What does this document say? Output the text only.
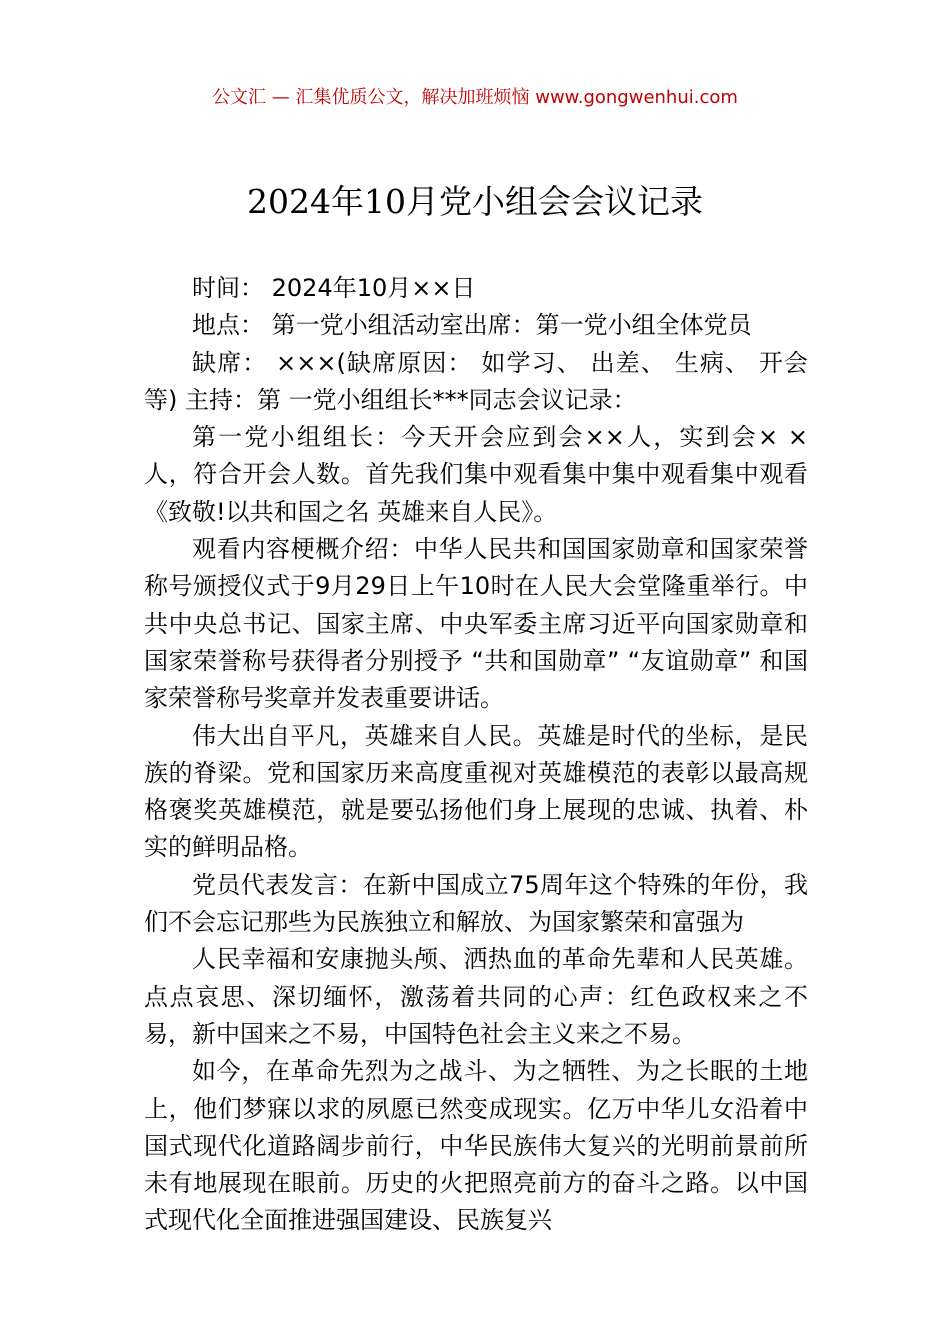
公文汇 — 汇集优质公文，解决加班烦恼 www.gongwenhui.com
2024年10月党小组会会议记录

时间： 2024年10月××日

地点： 第一党小组活动室出席：第一党小组全体党员

缺席： ×××(缺席原因： 如学习、 出差、 生病、 开会等) 主持：第 一党小组组长***同志会议记录：

第一党小组组长：今天开会应到会××人，实到会× ×人，符合开会人数。首先我们集中观看集中集中观看集中观看《致敬!以共和国之名 英雄来自人民》。

观看内容梗概介绍：中华人民共和国国家勋章和国家荣誉称号颁授仪式于9月29日上午10时在人民大会堂隆重举行。中共中央总书记、国家主席、中央军委主席习近平向国家勋章和国家荣誉称号获得者分别授予 “共和国勋章” “友谊勋章” 和国家荣誉称号奖章并发表重要讲话。

伟大出自平凡，英雄来自人民。英雄是时代的坐标，是民族的脊梁。党和国家历来高度重视对英雄模范的表彰以最高规格褒奖英雄模范，就是要弘扬他们身上展现的忠诚、执着、朴实的鲜明品格。

党员代表发言：在新中国成立75周年这个特殊的年份，我们不会忘记那些为民族独立和解放、为国家繁荣和富强为

人民幸福和安康抛头颅、洒热血的革命先辈和人民英雄。点点哀思、深切缅怀，激荡着共同的心声：红色政权来之不易，新中国来之不易，中国特色社会主义来之不易。

如今，在革命先烈为之战斗、为之牺牲、为之长眠的土地上，他们梦寐以求的夙愿已然变成现实。亿万中华儿女沿着中国式现代化道路阔步前行，中华民族伟大复兴的光明前景前所未有地展现在眼前。历史的火把照亮前方的奋斗之路。以中国式现代化全面推进强国建设、民族复兴
